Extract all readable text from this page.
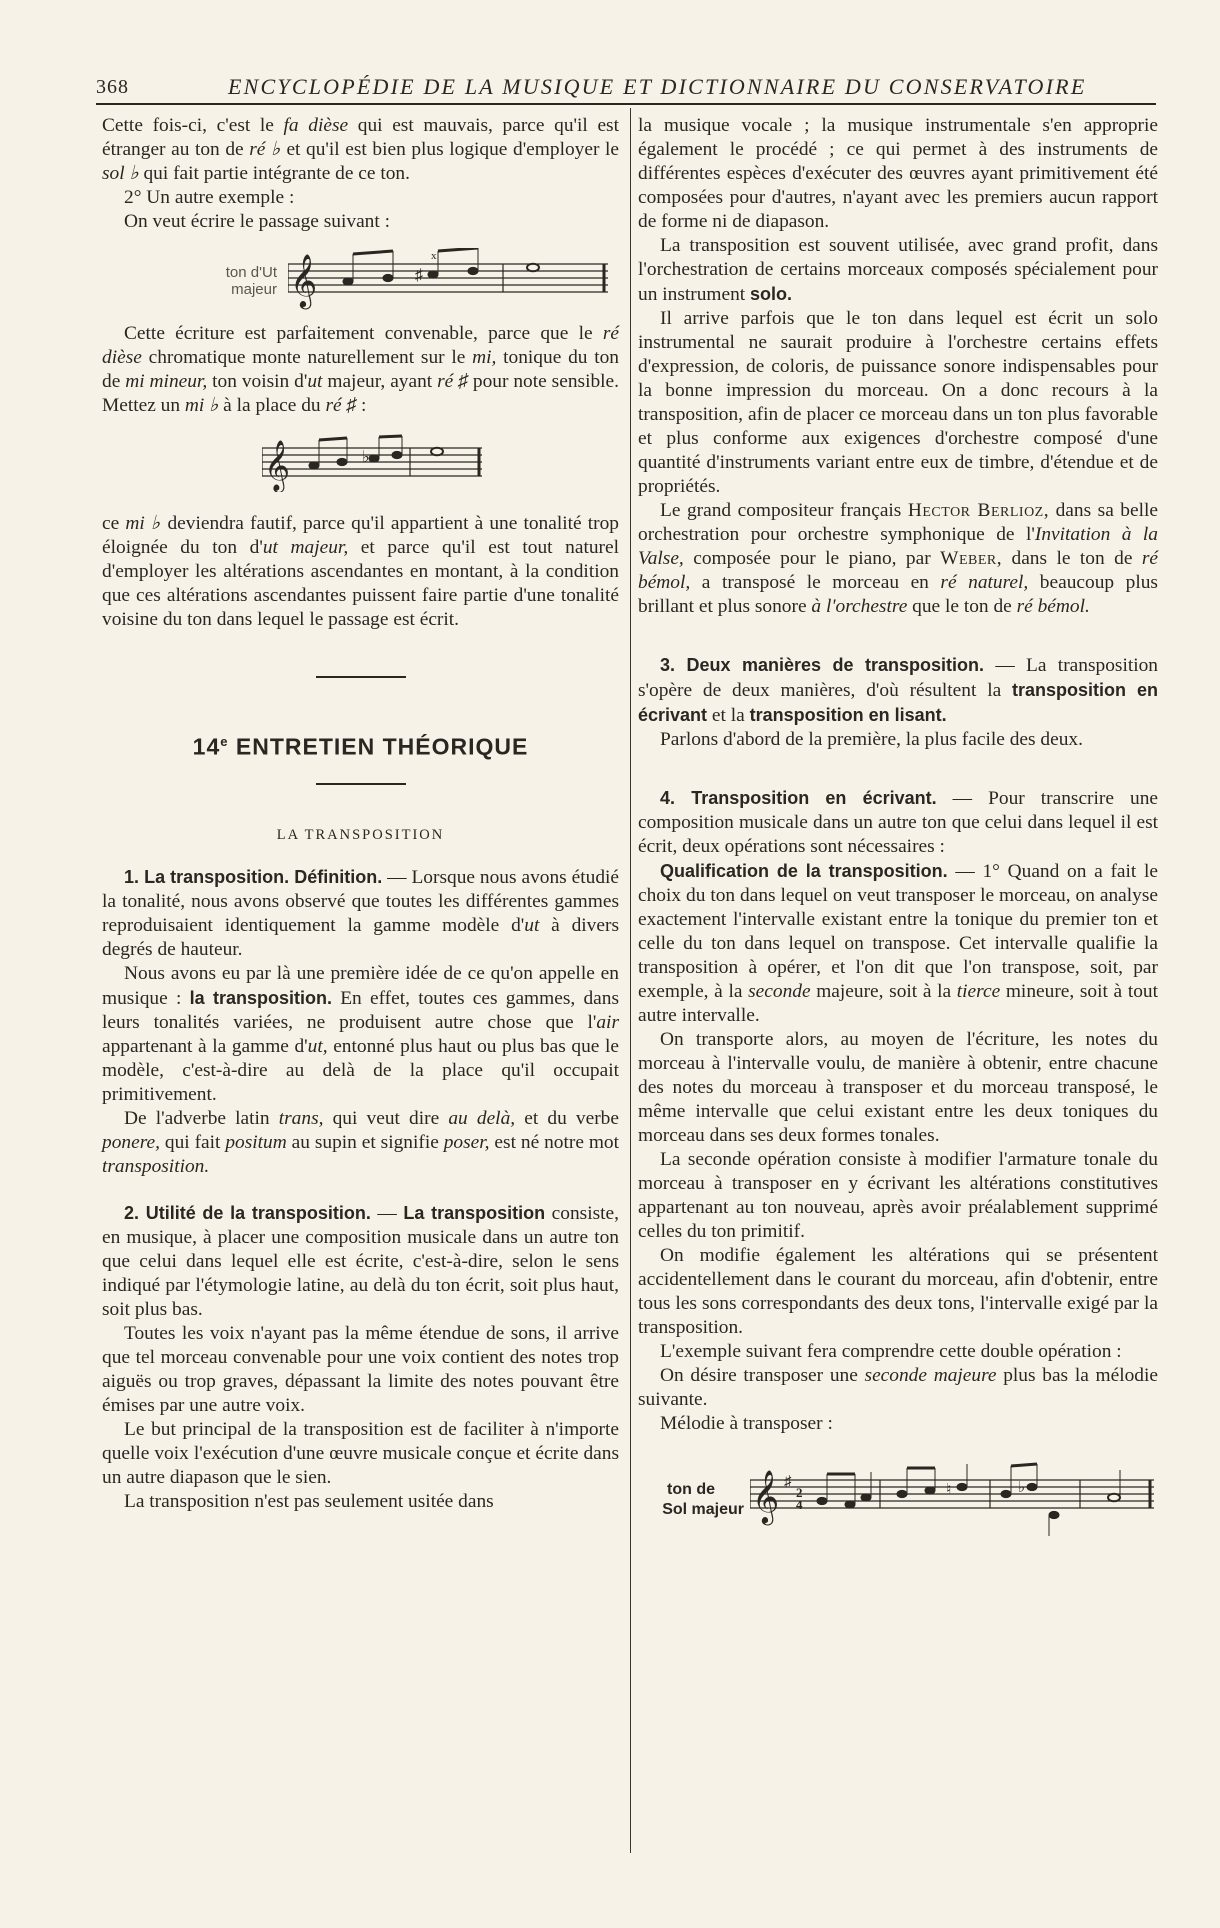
368	ENCYCLOPÉDIE DE LA MUSIQUE ET DICTIONNAIRE DU CONSERVATOIRE

Cette fois-ci, c'est le fa dièse qui est mauvais, parce qu'il est étranger au ton de ré ♭ et qu'il est bien plus logique d'employer le sol ♭ qui fait partie intégrante de ce ton.

2° Un autre exemple :

On veut écrire le passage suivant :

ton d'Ut majeur 𝄞	♯
x

Cette écriture est parfaitement convenable, parce que le ré dièse chromatique monte naturellement sur le mi, tonique du ton de mi mineur, ton voisin d'ut majeur, ayant ré ♯ pour note sensible. Mettez un mi ♭ à la place du ré ♯ :

𝄞	♭

ce mi ♭ deviendra fautif, parce qu'il appartient à une tonalité trop éloignée du ton d'ut majeur, et parce qu'il est tout naturel d'employer les altérations ascendantes en montant, à la condition que ces altérations ascendantes puissent faire partie d'une tonalité voisine du ton dans lequel le passage est écrit.

14e ENTRETIEN THÉORIQUE
LA TRANSPOSITION

1. La transposition. Définition. — Lorsque nous avons étudié la tonalité, nous avons observé que toutes les différentes gammes reproduisaient identiquement la gamme modèle d'ut à divers degrés de hauteur.

Nous avons eu par là une première idée de ce qu'on appelle en musique : la transposition. En effet, toutes ces gammes, dans leurs tonalités variées, ne produisent autre chose que l'air appartenant à la gamme d'ut, entonné plus haut ou plus bas que le modèle, c'est-à-dire au delà de la place qu'il occupait primitivement.

De l'adverbe latin trans, qui veut dire au delà, et du verbe ponere, qui fait positum au supin et signifie poser, est né notre mot transposition.

2. Utilité de la transposition. — La transposition consiste, en musique, à placer une composition musicale dans un autre ton que celui dans lequel elle est écrite, c'est-à-dire, selon le sens indiqué par l'étymologie latine, au delà du ton écrit, soit plus haut, soit plus bas.

Toutes les voix n'ayant pas la même étendue de sons, il arrive que tel morceau convenable pour une voix contient des notes trop aiguës ou trop graves, dépassant la limite des notes pouvant être émises par une autre voix.

Le but principal de la transposition est de faciliter à n'importe quelle voix l'exécution d'une œuvre musicale conçue et écrite dans un autre diapason que le sien.

La transposition n'est pas seulement usitée dans

la musique vocale ; la musique instrumentale s'en approprie également le procédé ; ce qui permet à des instruments de différentes espèces d'exécuter des œuvres ayant primitivement été composées pour d'autres, n'ayant avec les premiers aucun rapport de forme ni de diapason.

La transposition est souvent utilisée, avec grand profit, dans l'orchestration de certains morceaux composés spécialement pour un instrument solo.

Il arrive parfois que le ton dans lequel est écrit un solo instrumental ne saurait produire à l'orchestre certains effets d'expression, de coloris, de puissance sonore indispensables pour la bonne impression du morceau. On a donc recours à la transposition, afin de placer ce morceau dans un ton plus favorable et plus conforme aux exigences d'orchestre composé d'une quantité d'instruments variant entre eux de timbre, d'étendue et de propriétés.

Le grand compositeur français Hector Berlioz, dans sa belle orchestration pour orchestre symphonique de l'Invitation à la Valse, composée pour le piano, par Weber, dans le ton de ré bémol, a transposé le morceau en ré naturel, beaucoup plus brillant et plus sonore à l'orchestre que le ton de ré bémol.

3. Deux manières de transposition. — La transposition s'opère de deux manières, d'où résultent la transposition en écrivant et la transposition en lisant.

Parlons d'abord de la première, la plus facile des deux.

4. Transposition en écrivant. — Pour transcrire une composition musicale dans un autre ton que celui dans lequel il est écrit, deux opérations sont nécessaires :

Qualification de la transposition. — 1° Quand on a fait le choix du ton dans lequel on veut transposer le morceau, on analyse exactement l'intervalle existant entre la tonique du premier ton et celle du ton dans lequel on transpose. Cet intervalle qualifie la transposition à opérer, et l'on dit que l'on transpose, soit, par exemple, à la seconde majeure, soit à la tierce mineure, soit à tout autre intervalle.

On transporte alors, au moyen de l'écriture, les notes du morceau à l'intervalle voulu, de manière à obtenir, entre chacune des notes du morceau à transposer et du morceau transposé, le même intervalle que celui existant entre les deux toniques du morceau dans ses deux formes tonales.

La seconde opération consiste à modifier l'armature tonale du morceau à transposer en y écrivant les altérations constitutives appartenant au ton nouveau, après avoir préalablement supprimé celles du ton primitif.

On modifie également les altérations qui se présentent accidentellement dans le courant du morceau, afin d'obtenir, entre tous les sons correspondants des deux tons, l'intervalle exigé par la transposition.

L'exemple suivant fera comprendre cette double opération :

On désire transposer une seconde majeure plus bas la mélodie suivante.

Mélodie à transposer :

ton de
Sol majeur 𝄞 ♯
2
4
♮	♭
